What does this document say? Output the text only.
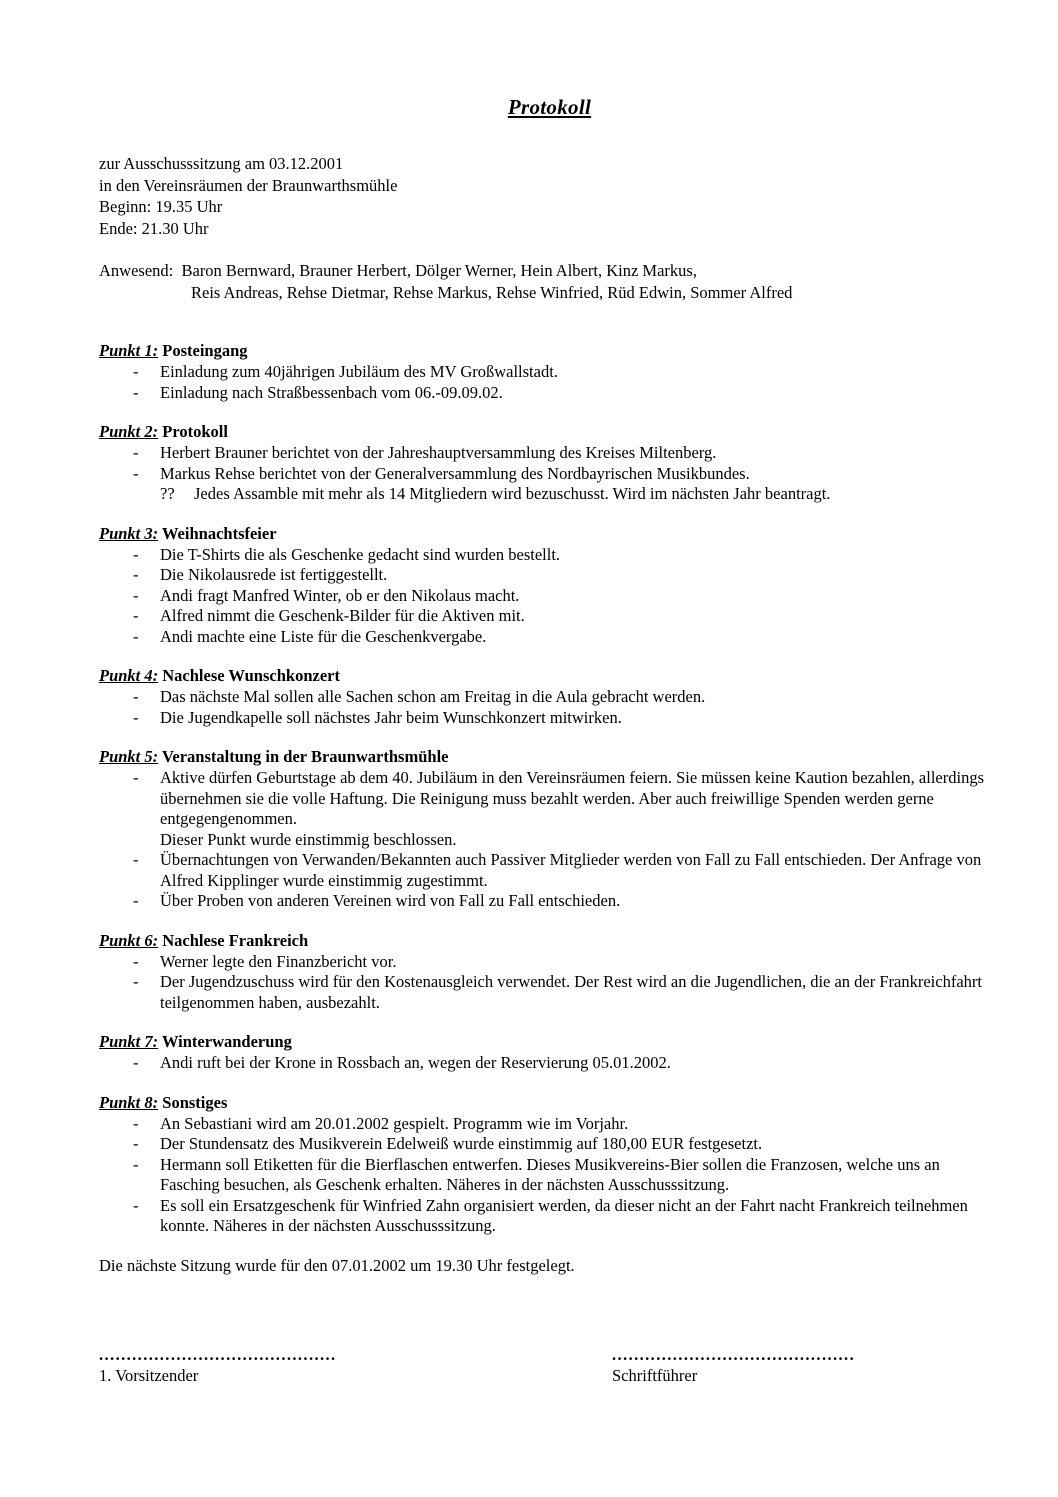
Protokoll
zur Ausschusssitzung am 03.12.2001
in den Vereinsräumen der Braunwarthsmühle
Beginn: 19.35 Uhr
Ende: 21.30 Uhr
Anwesend: Baron Bernward, Brauner Herbert, Dölger Werner, Hein Albert, Kinz Markus,
Reis Andreas, Rehse Dietmar, Rehse Markus, Rehse Winfried, Rüd Edwin, Sommer Alfred
Punkt 1: Posteingang
- Einladung zum 40jährigen Jubiläum des MV Großwallstadt.
- Einladung nach Straßbessenbach vom 06.-09.09.02.
Punkt 2: Protokoll
- Herbert Brauner berichtet von der Jahreshauptversammlung des Kreises Miltenberg.
- Markus Rehse berichtet von der Generalversammlung des Nordbayrischen Musikbundes.
?? Jedes Assamble mit mehr als 14 Mitgliedern wird bezuschusst. Wird im nächsten Jahr beantragt.
Punkt 3: Weihnachtsfeier
- Die T-Shirts die als Geschenke gedacht sind wurden bestellt.
- Die Nikolausrede ist fertiggestellt.
- Andi fragt Manfred Winter, ob er den Nikolaus macht.
- Alfred nimmt die Geschenk-Bilder für die Aktiven mit.
- Andi machte eine Liste für die Geschenkvergabe.
Punkt 4: Nachlese Wunschkonzert
- Das nächste Mal sollen alle Sachen schon am Freitag in die Aula gebracht werden.
- Die Jugendkapelle soll nächstes Jahr beim Wunschkonzert mitwirken.
Punkt 5: Veranstaltung in der Braunwarthsmühle
- Aktive dürfen Geburtstage ab dem 40. Jubiläum in den Vereinsräumen feiern. Sie müssen keine Kaution bezahlen, allerdings übernehmen sie die volle Haftung. Die Reinigung muss bezahlt werden. Aber auch freiwillige Spenden werden gerne entgegengenommen.
Dieser Punkt wurde einstimmig beschlossen.
- Übernachtungen von Verwanden/Bekannten auch Passiver Mitglieder werden von Fall zu Fall entschieden. Der Anfrage von Alfred Kipplinger wurde einstimmig zugestimmt.
- Über Proben von anderen Vereinen wird von Fall zu Fall entschieden.
Punkt 6: Nachlese Frankreich
- Werner legte den Finanzbericht vor.
- Der Jugendzuschuss wird für den Kostenausgleich verwendet. Der Rest wird an die Jugendlichen, die an der Frankreichfahrt teilgenommen haben, ausbezahlt.
Punkt 7: Winterwanderung
- Andi ruft bei der Krone in Rossbach an, wegen der Reservierung 05.01.2002.
Punkt 8: Sonstiges
- An Sebastiani wird am 20.01.2002 gespielt. Programm wie im Vorjahr.
- Der Stundensatz des Musikverein Edelweiß wurde einstimmig auf 180,00 EUR festgesetzt.
- Hermann soll Etiketten für die Bierflaschen entwerfen. Dieses Musikvereins-Bier sollen die Franzosen, welche uns an Fasching besuchen, als Geschenk erhalten. Näheres in der nächsten Ausschusssitzung.
- Es soll ein Ersatzgeschenk für Winfried Zahn organisiert werden, da dieser nicht an der Fahrt nacht Frankreich teilnehmen konnte. Näheres in der nächsten Ausschusssitzung.
Die nächste Sitzung wurde für den 07.01.2002 um 19.30 Uhr festgelegt.
...........................................
1. Vorsitzender
............................................
Schriftführer
